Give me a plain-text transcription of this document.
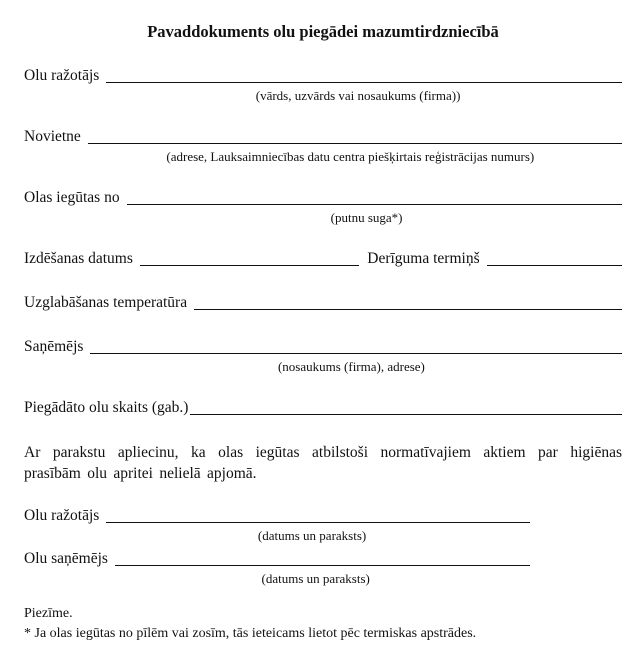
Pavaddokuments olu piegādei mazumtirdzniecībā
Olu ražotājs
(vārds, uzvārds vai nosaukums (firma))
Novietne
(adrese, Lauksaimniecības datu centra piešķirtais reģistrācijas numurs)
Olas iegūtas no
(putnu suga*)
Izdēšanas datums	Derīguma termiņš
Uzglabāšanas temperatūra
Saņēmējs
(nosaukums (firma), adrese)
Piegādāto olu skaits (gab.)

Ar parakstu apliecinu, ka olas iegūtas atbilstoši normatīvajiem aktiem par higiēnas prasībām olu apritei nelielā apjomā.

Olu ražotājs
(datums un paraksts)
Olu saņēmējs
(datums un paraksts)
Piezīme.
* Ja olas iegūtas no pīlēm vai zosīm, tās ieteicams lietot pēc termiskas apstrādes.
